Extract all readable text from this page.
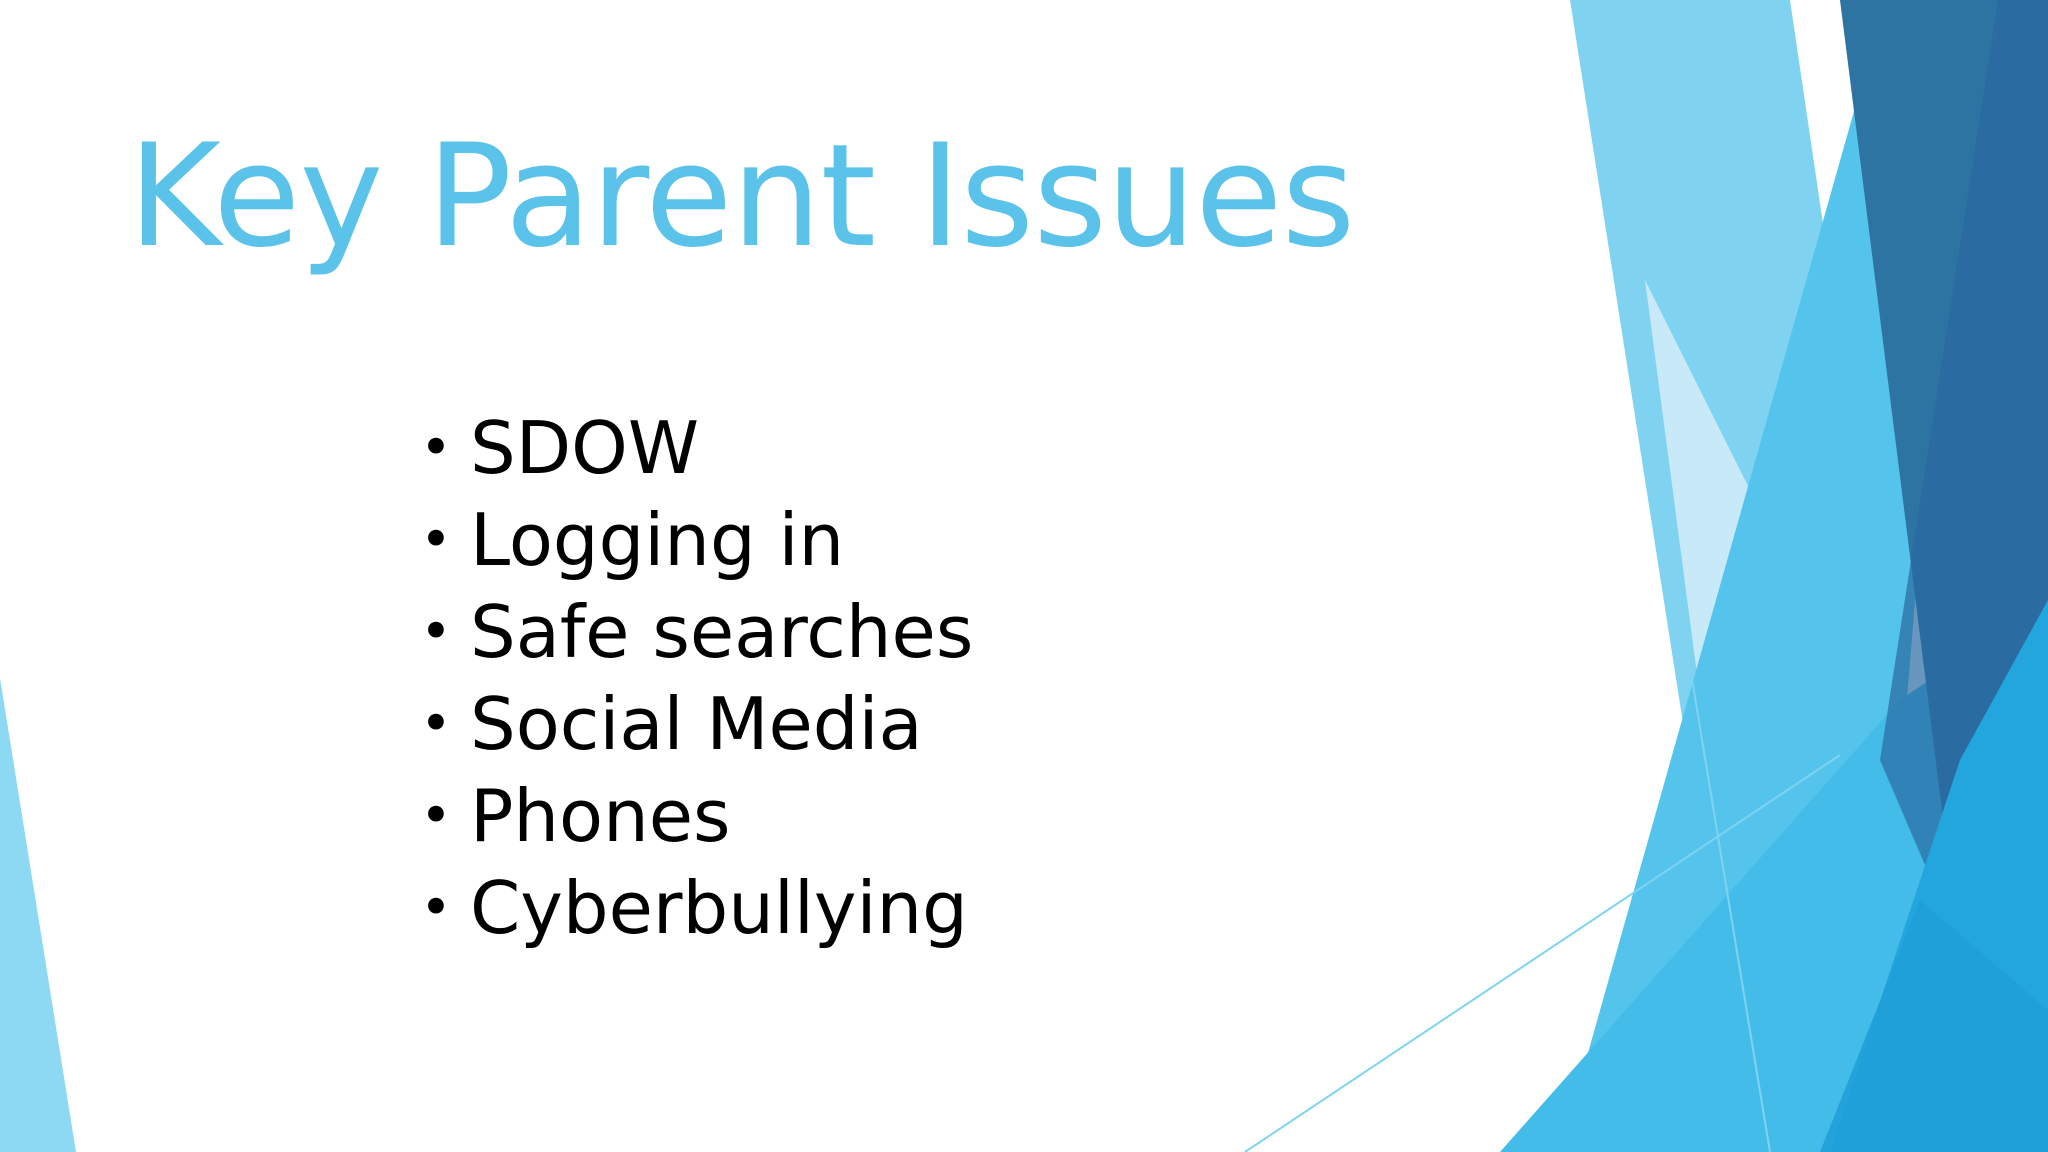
Key Parent Issues
• SDOW
• Logging in
• Safe searches
• Social Media
• Phones
• Cyberbullying
